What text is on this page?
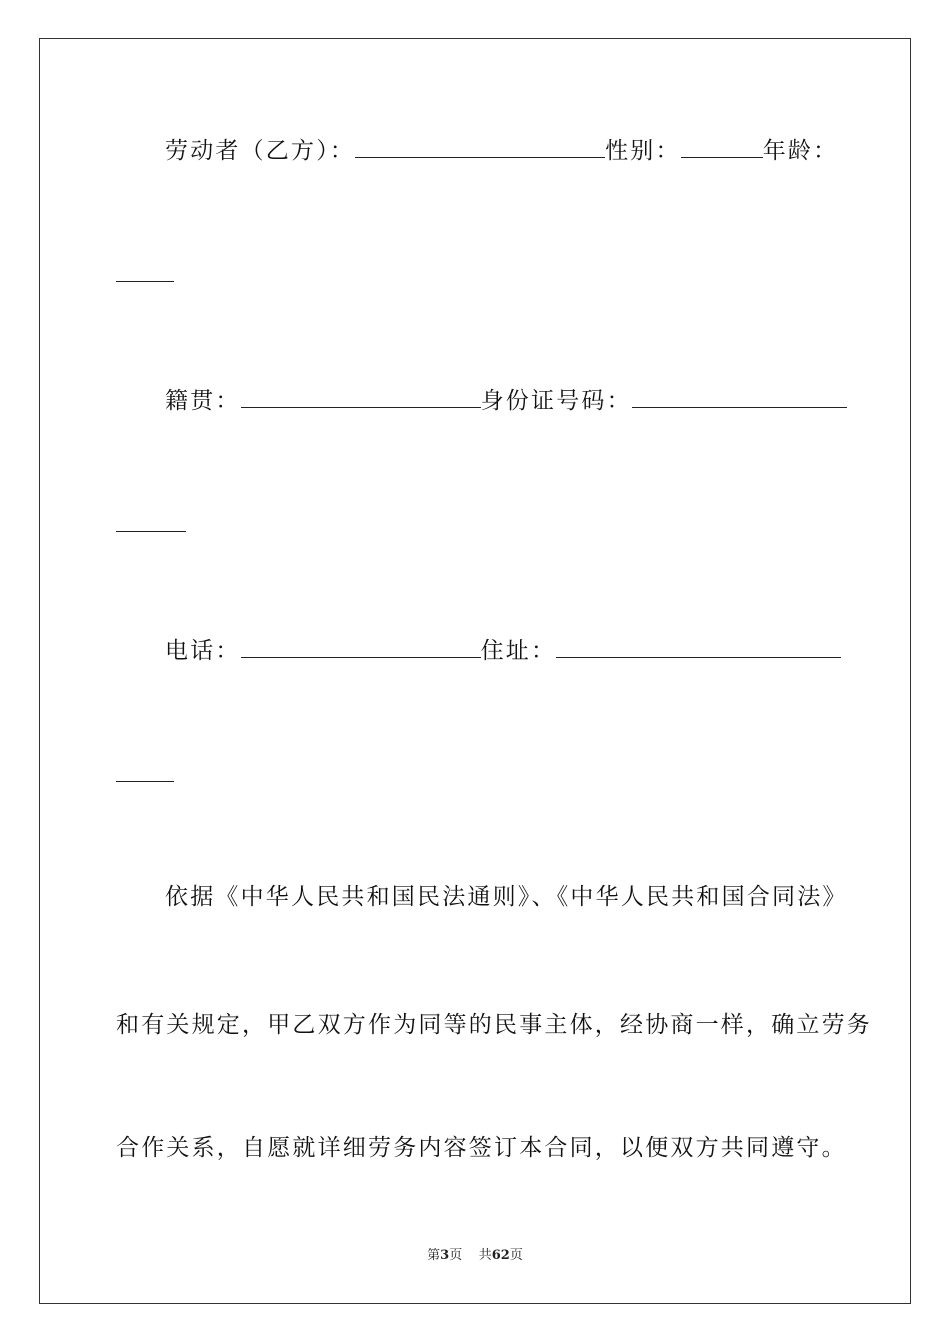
劳动者（乙方）：	性别：	年龄：
籍贯：	身份证号码：
电话：	住址：
依据《中华人民共和国民法通则》、《中华人民共和国合同法》
和有关规定，甲乙双方作为同等的民事主体，经协商一样，确立劳务
合作关系，自愿就详细劳务内容签订本合同，以便双方共同遵守。
第3页 共62页
